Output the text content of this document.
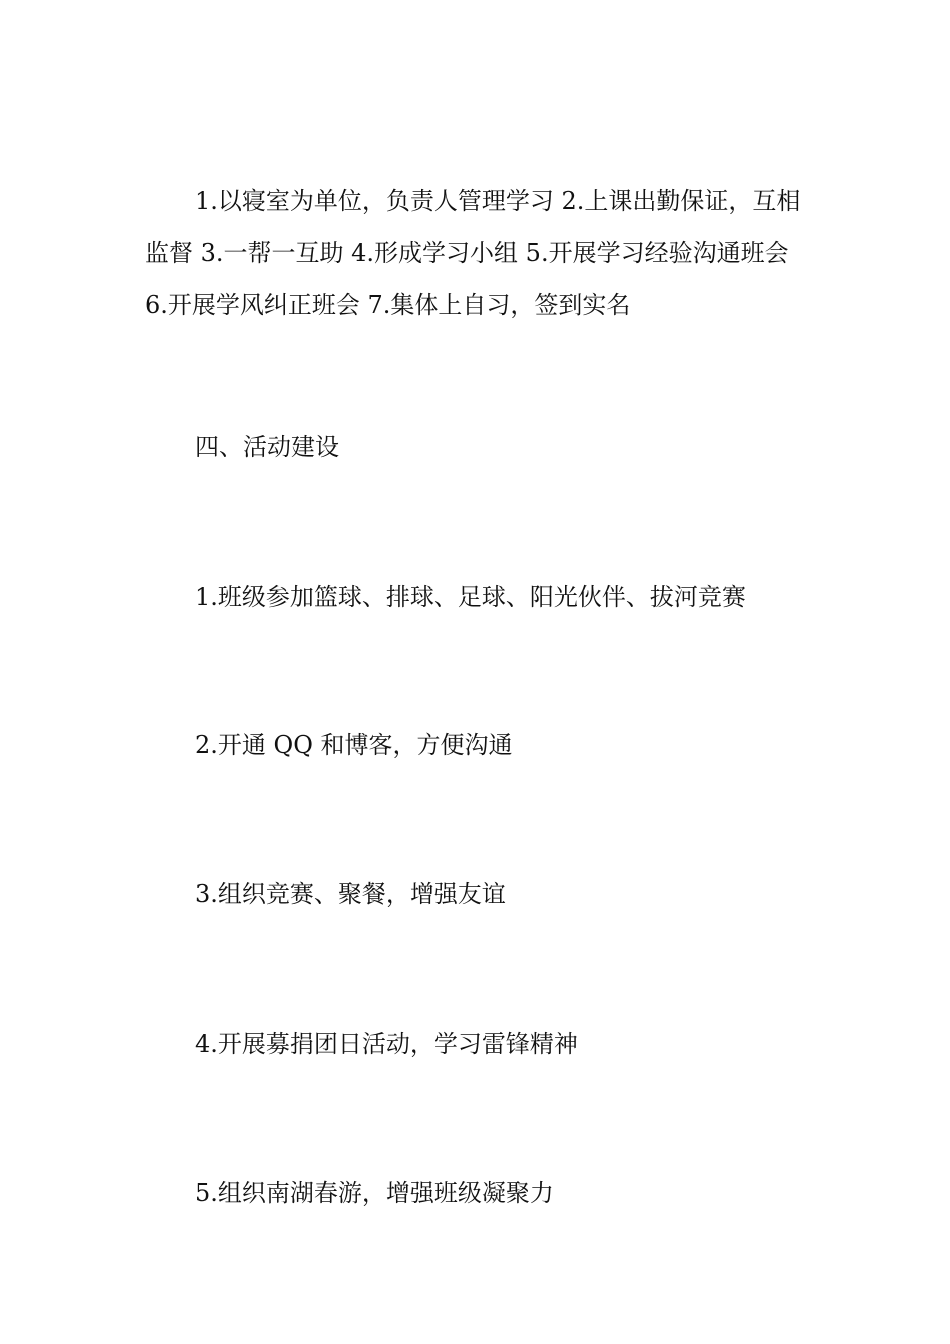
1.以寝室为单位，负责人管理学习 2.上课出勤保证，互相监督 3.一帮一互助 4.形成学习小组 5.开展学习经验沟通班会 6.开展学风纠正班会 7.集体上自习，签到实名

四、活动建设

1.班级参加篮球、排球、足球、阳光伙伴、拔河竞赛

2.开通 QQ 和博客，方便沟通

3.组织竞赛、聚餐，增强友谊

4.开展募捐团日活动，学习雷锋精神

5.组织南湖春游，增强班级凝聚力
